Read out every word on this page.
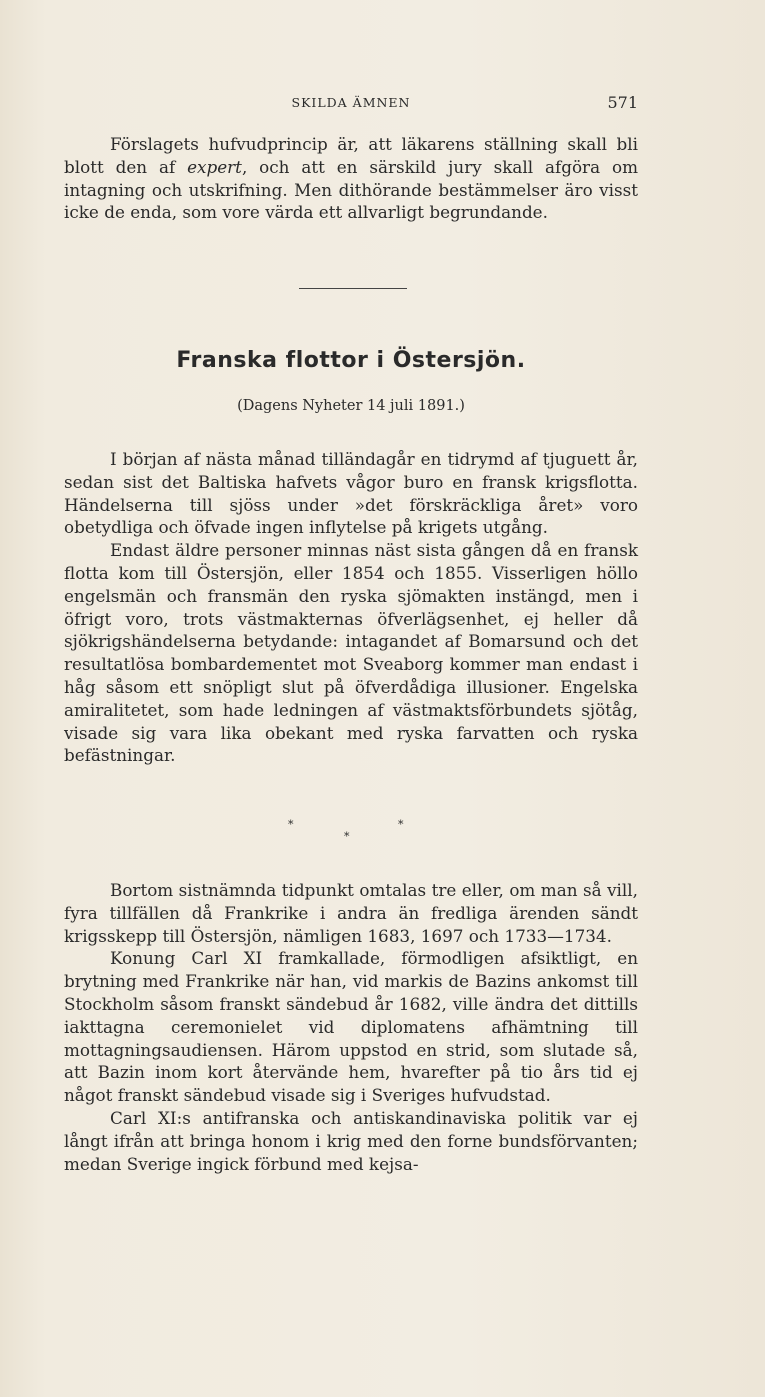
SKILDA ÄMNEN	571

Förslagets hufvudprincip är, att läkarens ställning skall bli blott den af expert, och att en särskild jury skall afgöra om intagning och utskrifning. Men dithörande bestämmelser äro visst icke de enda, som vore värda ett allvarligt begrundande.

Franska flottor i Östersjön.
(Dagens Nyheter 14 juli 1891.)

I början af nästa månad tilländagår en tidrymd af tjuguett år, sedan sist det Baltiska hafvets vågor buro en fransk krigsflotta. Händelserna till sjöss under »det förskräckliga året» voro obetydliga och öfvade ingen inflytelse på krigets utgång.

Endast äldre personer minnas näst sista gången då en fransk flotta kom till Östersjön, eller 1854 och 1855. Visserligen höllo engelsmän och fransmän den ryska sjömakten instängd, men i öfrigt voro, trots västmakternas öfverlägsenhet, ej heller då sjökrigshändelserna betydande: intagandet af Bomarsund och det resultatlösa bombardementet mot Sveaborg kommer man endast i håg såsom ett snöpligt slut på öfverdådiga illusioner. Engelska amiralitetet, som hade ledningen af västmaktsförbundets sjötåg, visade sig vara lika obekant med ryska farvatten och ryska befästningar.

*	*
*

Bortom sistnämnda tidpunkt omtalas tre eller, om man så vill, fyra tillfällen då Frankrike i andra än fredliga ärenden sändt krigsskepp till Östersjön, nämligen 1683, 1697 och 1733—1734.

Konung Carl XI framkallade, förmodligen afsiktligt, en brytning med Frankrike när han, vid markis de Bazins ankomst till Stockholm såsom franskt sändebud år 1682, ville ändra det dittills iakttagna ceremonielet vid diplomatens afhämtning till mottagningsaudiensen. Härom uppstod en strid, som slutade så, att Bazin inom kort återvände hem, hvarefter på tio års tid ej något franskt sändebud visade sig i Sveriges hufvudstad.

Carl XI:s antifranska och antiskandinaviska politik var ej långt ifrån att bringa honom i krig med den forne bundsförvanten; medan Sverige ingick förbund med kejsa-
